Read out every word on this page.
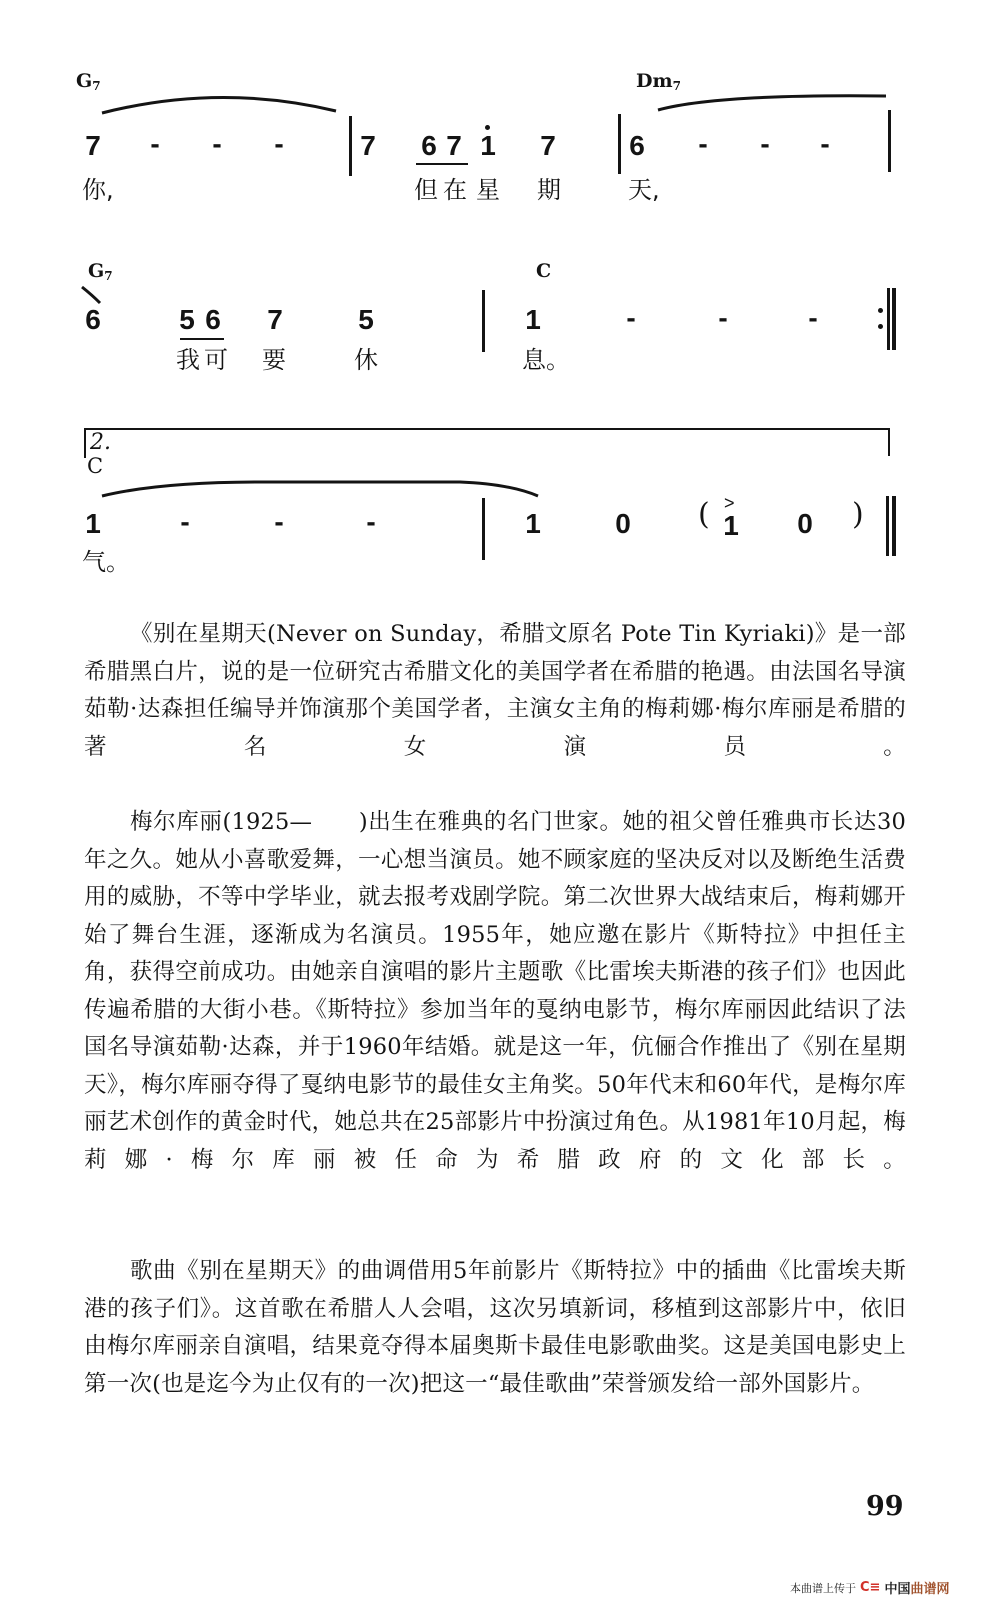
$G_7$
7 - - -	7 6 7 1 7
$Dm_7$
6 - - -
你,	但 在 星 期	天,
$G_7$
6	5 6 7	5
C
1	-	-	-
我 可 要	休	息。
2.
C
1	-	-	-	1	0 ( >
1 0 )
气。

《别在星期天(Never on Sunday，希腊文原名 Pote Tin Kyriaki)》是一部希腊黑白片，说的是一位研究古希腊文化的美国学者在希腊的艳遇。由法国名导演茹勒·达森担任编导并饰演那个美国学者，主演女主角的梅莉娜·梅尔库丽是希腊的著名女演员。

梅尔库丽(1925—　　)出生在雅典的名门世家。她的祖父曾任雅典市长达30年之久。她从小喜歌爱舞，一心想当演员。她不顾家庭的坚决反对以及断绝生活费用的威胁，不等中学毕业，就去报考戏剧学院。第二次世界大战结束后，梅莉娜开始了舞台生涯，逐渐成为名演员。1955年，她应邀在影片《斯特拉》中担任主角，获得空前成功。由她亲自演唱的影片主题歌《比雷埃夫斯港的孩子们》也因此传遍希腊的大街小巷。《斯特拉》参加当年的戛纳电影节，梅尔库丽因此结识了法国名导演茹勒·达森，并于1960年结婚。就是这一年，伉俪合作推出了《别在星期天》，梅尔库丽夺得了戛纳电影节的最佳女主角奖。50年代末和60年代，是梅尔库丽艺术创作的黄金时代，她总共在25部影片中扮演过角色。从1981年10月起，梅莉娜·梅尔库丽被任命为希腊政府的文化部长。

歌曲《别在星期天》的曲调借用5年前影片《斯特拉》中的插曲《比雷埃夫斯港的孩子们》。这首歌在希腊人人会唱，这次另填新词，移植到这部影片中，依旧由梅尔库丽亲自演唱，结果竟夺得本届奥斯卡最佳电影歌曲奖。这是美国电影史上第一次(也是迄今为止仅有的一次)把这一“最佳歌曲”荣誉颁发给一部外国影片。

99
本曲谱上传于 C≡ 中国 曲谱网
